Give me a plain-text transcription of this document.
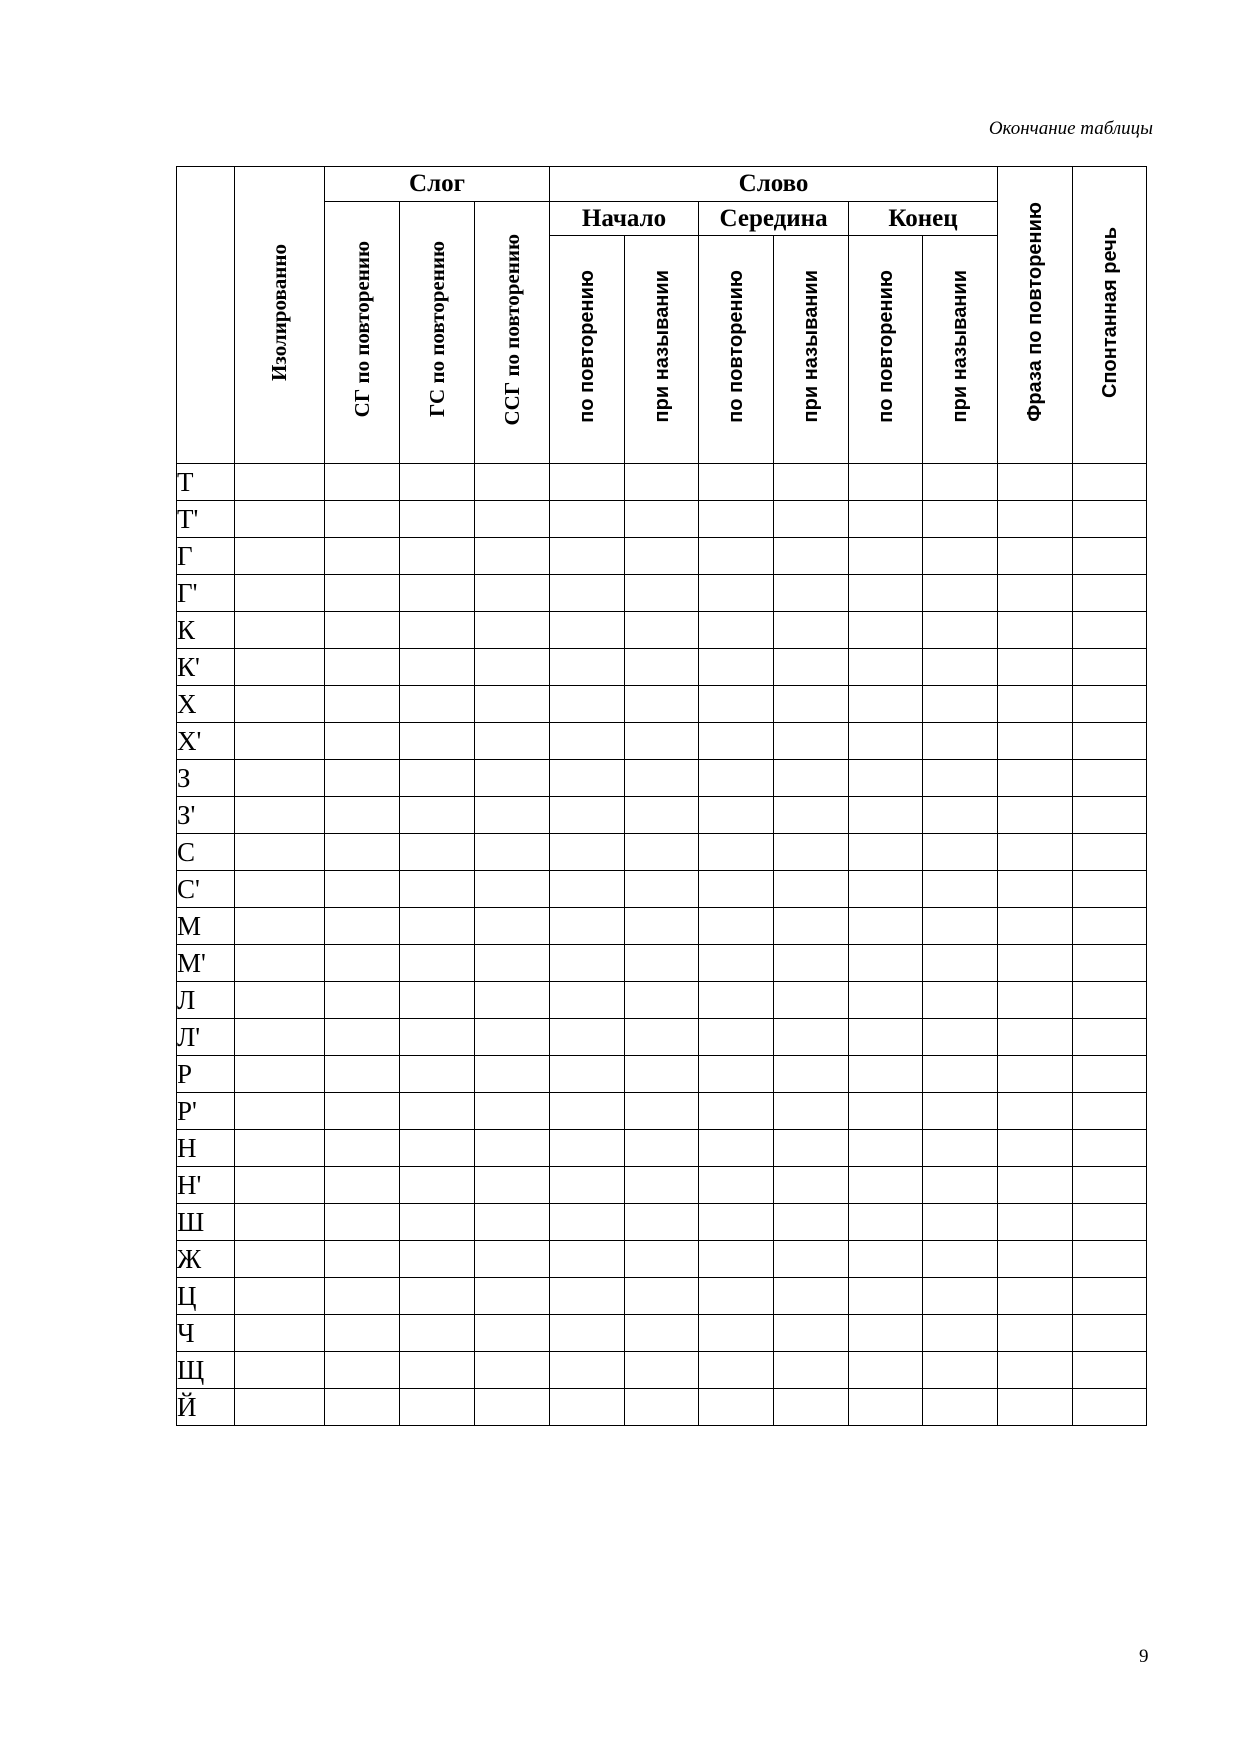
Окончание таблицы
	Изолированно	Слог			Слово						Фраза по повторению	Спонтанная речь
		СГ по повторению	ГС по повторению	ССГ по повторению	Начало		Середина		Конец			
					по повторению	при назывании	по повторению	при назывании	по повторению	при назывании		
Т												
Т'												
Г												
Г'												
К												
К'												
Х												
Х'												
З												
З'												
С												
С'												
М												
М'												
Л												
Л'												
Р												
Р'												
Н												
Н'												
Ш												
Ж												
Ц												
Ч												
Щ												
Й												
9
